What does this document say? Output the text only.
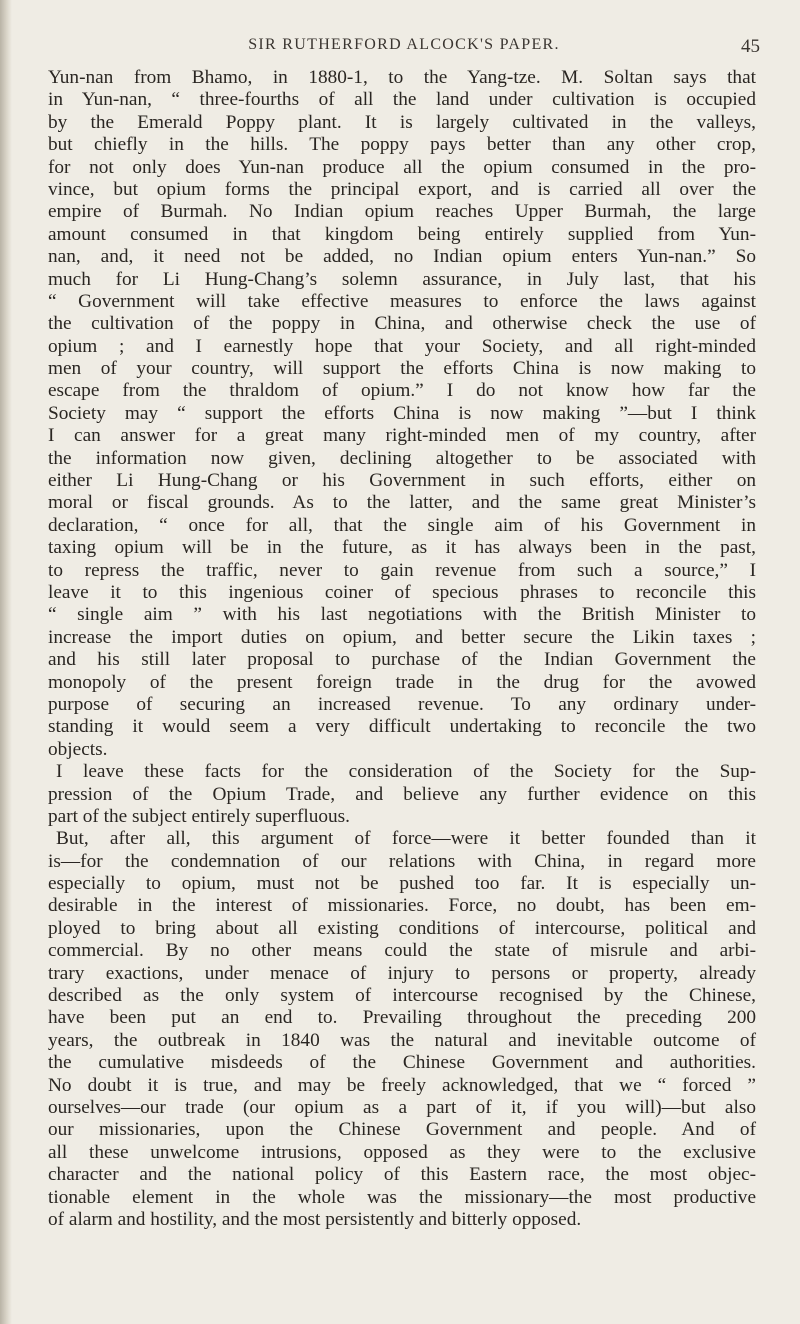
SIR RUTHERFORD ALCOCK'S PAPER.	45
Yun-nan from Bhamo, in 1880-1, to the Yang-tze. M. Soltan says that
in Yun-nan, “ three-fourths of all the land under cultivation is occupied
by the Emerald Poppy plant. It is largely cultivated in the valleys,
but chiefly in the hills. The poppy pays better than any other crop,
for not only does Yun-nan produce all the opium consumed in the pro-
vince, but opium forms the principal export, and is carried all over the
empire of Burmah. No Indian opium reaches Upper Burmah, the large
amount consumed in that kingdom being entirely supplied from Yun-
nan, and, it need not be added, no Indian opium enters Yun-nan.” So
much for Li Hung-Chang’s solemn assurance, in July last, that his
“ Government will take effective measures to enforce the laws against
the cultivation of the poppy in China, and otherwise check the use of
opium ; and I earnestly hope that your Society, and all right-minded
men of your country, will support the efforts China is now making to
escape from the thraldom of opium.” I do not know how far the
Society may “ support the efforts China is now making ”—but I think
I can answer for a great many right-minded men of my country, after
the information now given, declining altogether to be associated with
either Li Hung-Chang or his Government in such efforts, either on
moral or fiscal grounds. As to the latter, and the same great Minister’s
declaration, “ once for all, that the single aim of his Government in
taxing opium will be in the future, as it has always been in the past,
to repress the traffic, never to gain revenue from such a source,” I
leave it to this ingenious coiner of specious phrases to reconcile this
“ single aim ” with his last negotiations with the British Minister to
increase the import duties on opium, and better secure the Likin taxes ;
and his still later proposal to purchase of the Indian Government the
monopoly of the present foreign trade in the drug for the avowed
purpose of securing an increased revenue. To any ordinary under-
standing it would seem a very difficult undertaking to reconcile the two
objects.
I leave these facts for the consideration of the Society for the Sup-
pression of the Opium Trade, and believe any further evidence on this
part of the subject entirely superfluous.
But, after all, this argument of force—were it better founded than it
is—for the condemnation of our relations with China, in regard more
especially to opium, must not be pushed too far. It is especially un-
desirable in the interest of missionaries. Force, no doubt, has been em-
ployed to bring about all existing conditions of intercourse, political and
commercial. By no other means could the state of misrule and arbi-
trary exactions, under menace of injury to persons or property, already
described as the only system of intercourse recognised by the Chinese,
have been put an end to. Prevailing throughout the preceding 200
years, the outbreak in 1840 was the natural and inevitable outcome of
the cumulative misdeeds of the Chinese Government and authorities.
No doubt it is true, and may be freely acknowledged, that we “ forced ”
ourselves—our trade (our opium as a part of it, if you will)—but also
our missionaries, upon the Chinese Government and people. And of
all these unwelcome intrusions, opposed as they were to the exclusive
character and the national policy of this Eastern race, the most objec-
tionable element in the whole was the missionary—the most productive
of alarm and hostility, and the most persistently and bitterly opposed.
